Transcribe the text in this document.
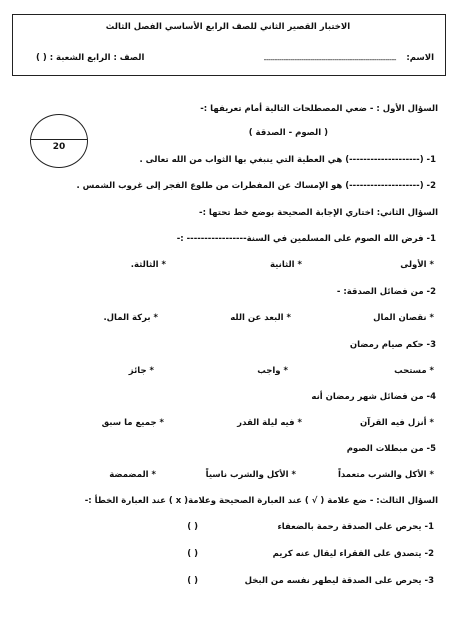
الاختبار القصير الثاني للصف الرابع الأساسي الفصل الثالث
الاسم:
------------------------------------------------------------
الصف : الرابع الشعبة : ( )
20
السؤال الأول : - ضعي المصطلحات التالية أمام تعريفها :-
( الصوم - الصدقة )
1- (--------------------) هي العطية التي ينبغي بها الثواب من الله تعالى .
2- (--------------------) هو الإمساك عن المفطرات من طلوع الفجر إلى غروب الشمس .
السؤال الثاني: اختاري الإجابة الصحيحة بوضع خط تحتها :-
1- فرض الله الصوم على المسلمين في السنة----------------- :-
* الأولى
* الثانية
* الثالثة.
2- من فضائل الصدقة: -
* نقصان المال
* البعد عن الله
* بركة المال.
3- حكم صيام رمضان
* مستحب
* واجب
* جائز
4- من فضائل شهر رمضان أنه
* أنزل فيه القرآن
* فيه ليلة القدر
* جميع ما سبق
5- من مبطلات الصوم
* الأكل والشرب متعمداً
* الأكل والشرب ناسياً
* المضمضة
السؤال الثالث: - ضع علامة ( √ ) عند العبارة الصحيحة وعلامة( x ) عند العبارة الخطأ :-
1- يحرص على الصدقة رحمة بالضعفاء
( )
2- يتصدق على الفقراء ليقال عنه كريم
( )
3- يحرص على الصدقة ليطهر نفسه من البخل
( )
